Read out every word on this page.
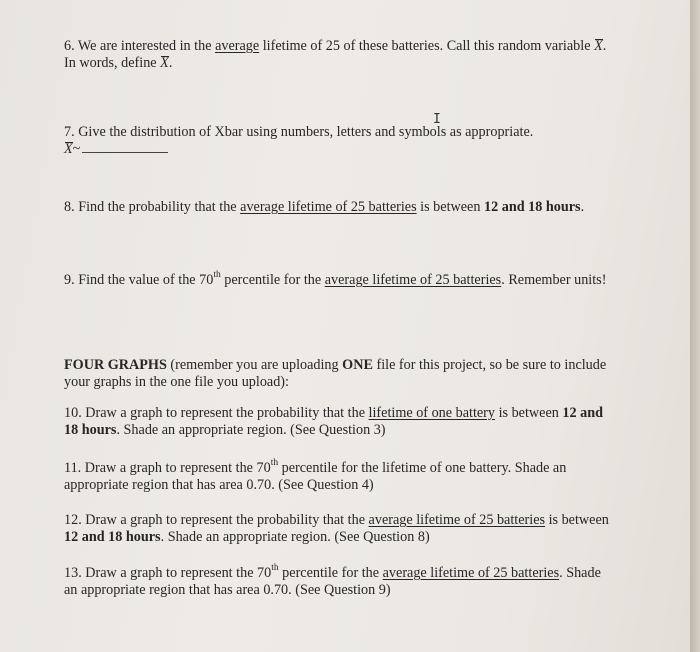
6. We are interested in the average lifetime of 25 of these batteries. Call this random variable X.
In words, define X.
7. Give the distribution of Xbar using numbers, letters and symbols as appropriate.
X~
I
8. Find the probability that the average lifetime of 25 batteries is between 12 and 18 hours.
9. Find the value of the 70th percentile for the average lifetime of 25 batteries. Remember units!
FOUR GRAPHS (remember you are uploading ONE file for this project, so be sure to include your graphs in the one file you upload):
10. Draw a graph to represent the probability that the lifetime of one battery is between 12 and 18 hours. Shade an appropriate region. (See Question 3)
11. Draw a graph to represent the 70th percentile for the lifetime of one battery. Shade an appropriate region that has area 0.70. (See Question 4)
12. Draw a graph to represent the probability that the average lifetime of 25 batteries is between 12 and 18 hours. Shade an appropriate region. (See Question 8)
13. Draw a graph to represent the 70th percentile for the average lifetime of 25 batteries. Shade an appropriate region that has area 0.70. (See Question 9)
